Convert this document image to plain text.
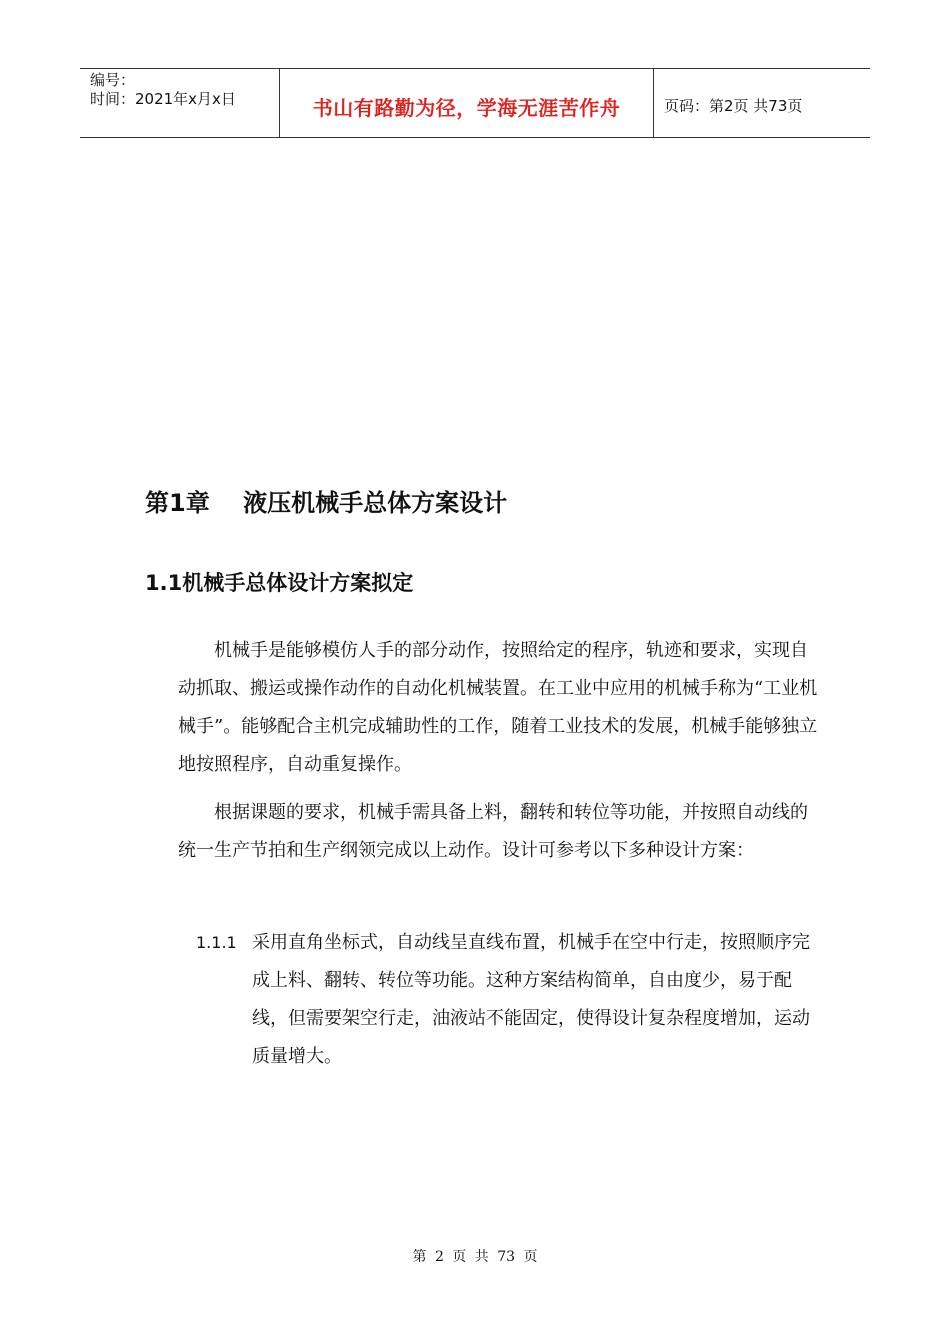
编号：
时间：2021年x月x日	书山有路勤为径，学海无涯苦作舟	页码：第2页 共73页
第1章    液压机械手总体方案设计
1.1机械手总体设计方案拟定

机械手是能够模仿人手的部分动作，按照给定的程序，轨迹和要求，实现自动抓取、搬运或操作动作的自动化机械装置。在工业中应用的机械手称为“工业机械手”。能够配合主机完成辅助性的工作，随着工业技术的发展，机械手能够独立地按照程序，自动重复操作。

根据课题的要求，机械手需具备上料，翻转和转位等功能，并按照自动线的统一生产节拍和生产纲领完成以上动作。设计可参考以下多种设计方案：

1.1.1 采用直角坐标式，自动线呈直线布置，机械手在空中行走，按照顺序完成上料、翻转、转位等功能。这种方案结构简单，自由度少，易于配线，但需要架空行走，油液站不能固定，使得设计复杂程度增加，运动质量增大。
第 2 页 共 73 页
